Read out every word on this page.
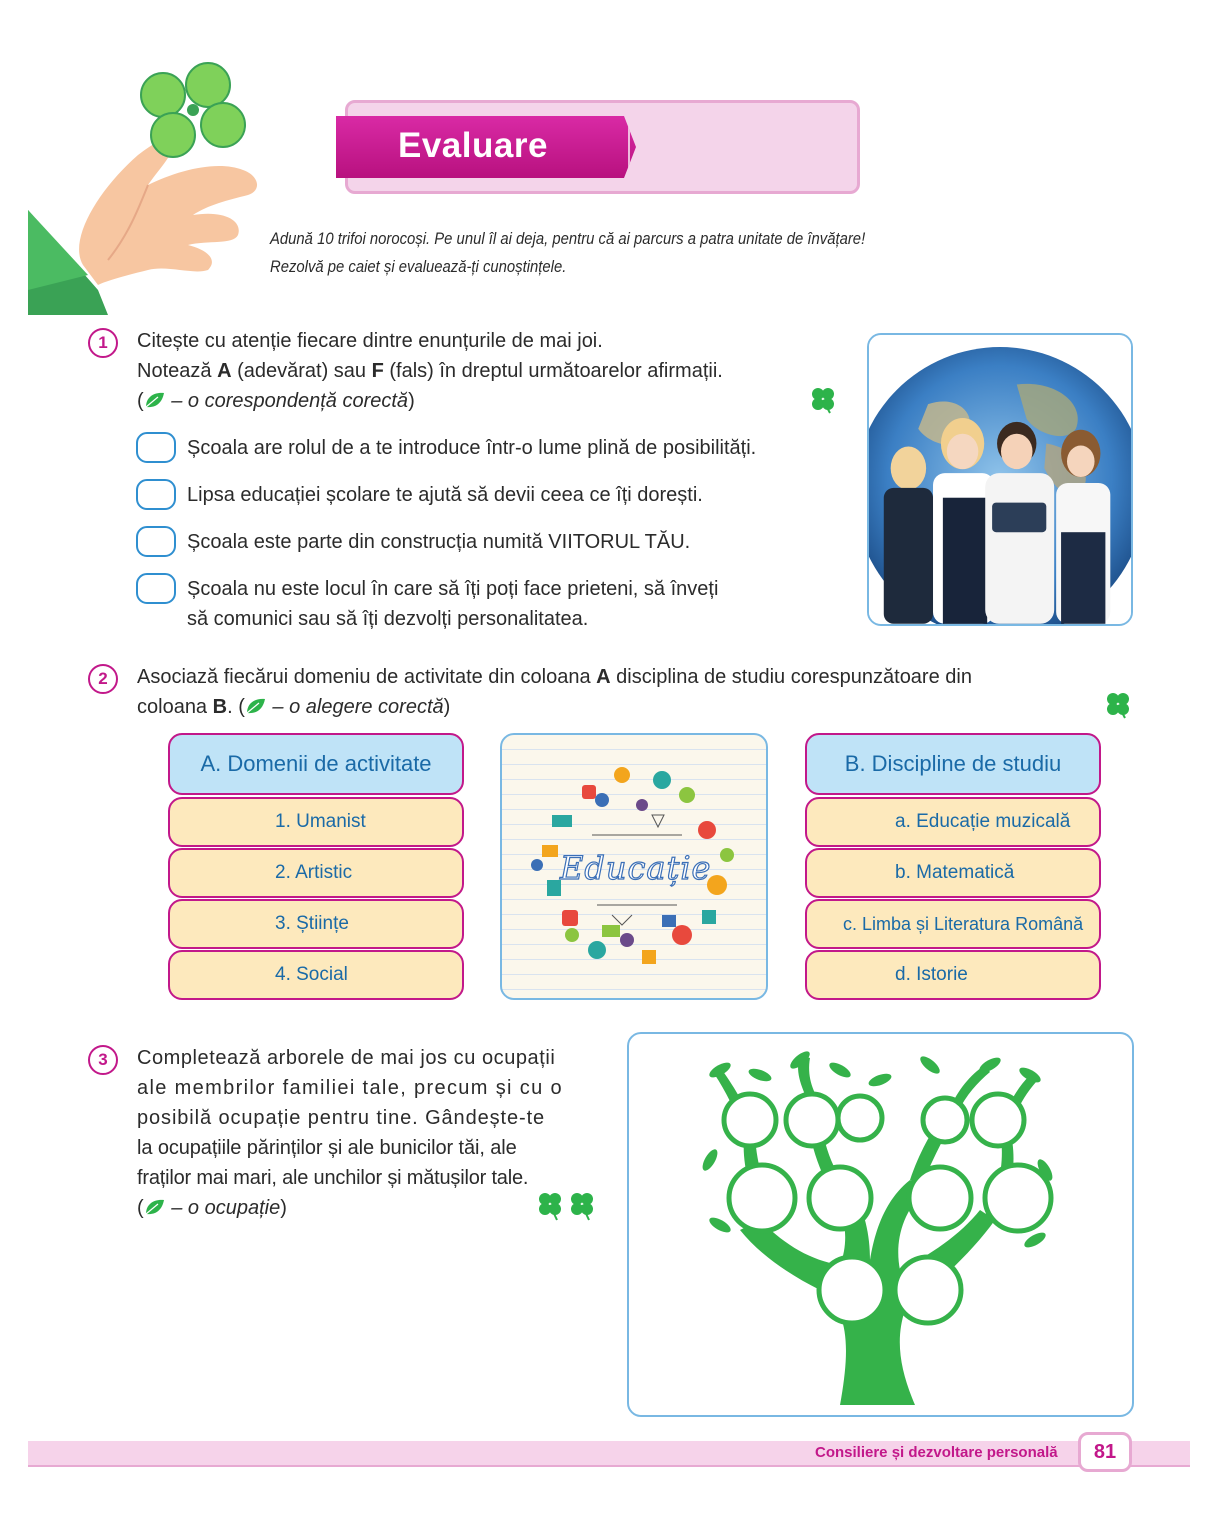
Evaluare
Adună 10 trifoi norocoși. Pe unul îl ai deja, pentru că ai parcurs a patra unitate de învățare!
Rezolvă pe caiet și evaluează-ți cunoștințele.
1	Citește cu atenție fiecare dintre enunțurile de mai joi.
Notează A (adevărat) sau F (fals) în dreptul următoarelor afirmații.
( – o corespondență corectă)
Școala are rolul de a te introduce într-o lume plină de posibilități.
Lipsa educației școlare te ajută să devii ceea ce îți dorești.
Școala este parte din construcția numită VIITORUL TĂU.
Școala nu este locul în care să îți poți face prieteni, să înveți
să comunici sau să îți dezvolți personalitatea.
2	Asociază fiecărui domeniu de activitate din coloana A disciplina de studiu corespunzătoare din
coloana B. ( – o alegere corectă)
A. Domenii de activitate
1. Umanist
2. Artistic
3. Științe
4. Social
Educație
B. Discipline de studiu
a. Educație muzicală
b. Matematică
c. Limba și Literatura Română
d. Istorie
3	Completează arborele de mai jos cu ocupații
ale membrilor familiei tale, precum și cu o
posibilă ocupație pentru tine. Gândește-te
la ocupațiile părinților și ale bunicilor tăi, ale
fraților mai mari, ale unchilor și mătușilor tale.
( – o ocupație)
Consiliere și dezvoltare personală	81
